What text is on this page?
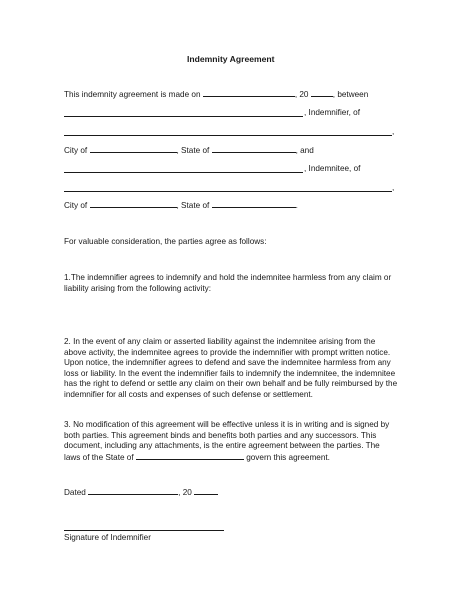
Indemnity Agreement
This indemnity agreement is made on	, 20	, between
, Indemnifier, of
,
City of	, State of	, and
, Indemnitee, of
,
City of	, State of	.
For valuable consideration, the parties agree as follows:
1.The indemnifier agrees to indemnify and hold the indemnitee harmless from any claim or liability arising from the following activity:
2. In the event of any claim or asserted liability against the indemnitee arising from the above activity, the indemnitee agrees to provide the indemnifier with prompt written notice. Upon notice, the indemnifier agrees to defend and save the indemnitee harmless from any loss or liability. In the event the indemnifier fails to indemnify the indemnitee, the indemnitee has the right to defend or settle any claim on their own behalf and be fully reimbursed by the indemnifier for all costs and expenses of such defense or settlement.
3. No modification of this agreement will be effective unless it is in writing and is signed by both parties. This agreement binds and benefits both parties and any successors. This document, including any attachments, is the entire agreement between the parties. The laws of the State of	govern this agreement.
Dated	, 20
Signature of Indemnifier
